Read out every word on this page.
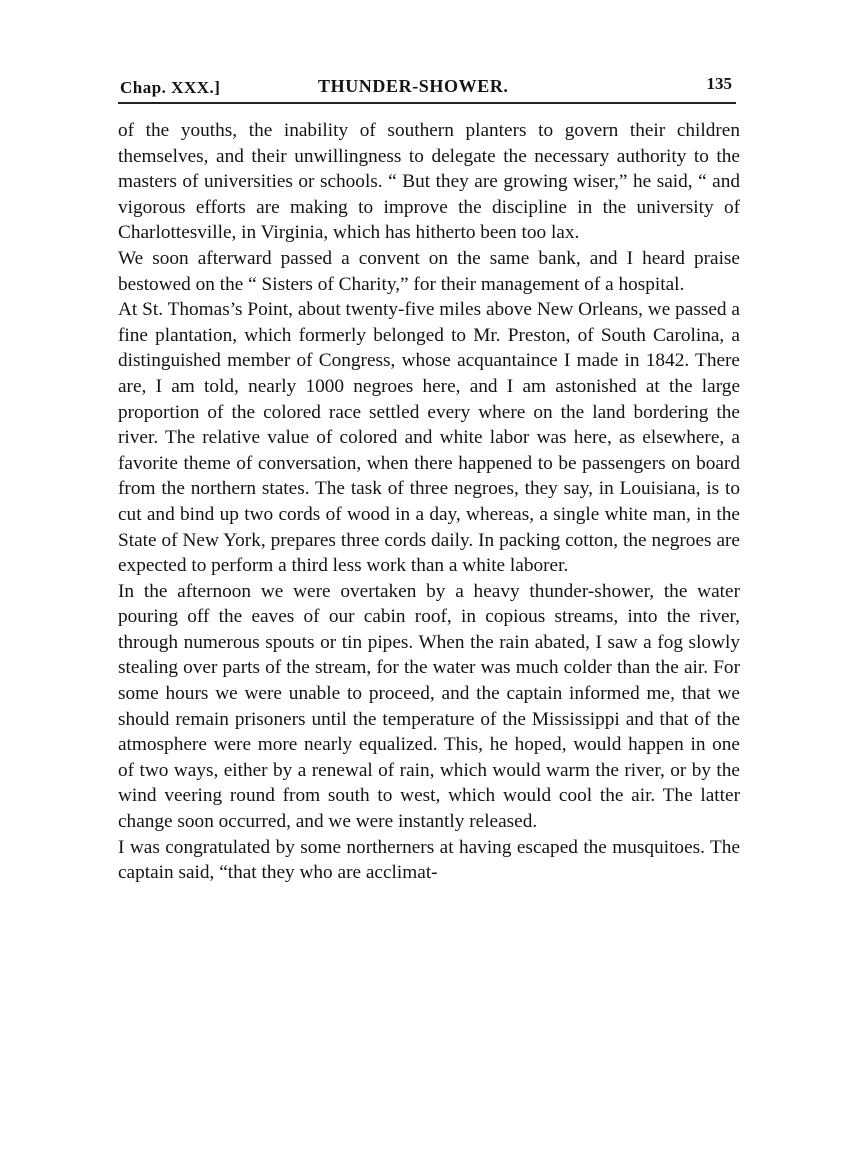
Chap. XXX.]	THUNDER-SHOWER.	135

of the youths, the inability of southern planters to govern their children themselves, and their unwillingness to delegate the necessary authority to the masters of universities or schools. “ But they are growing wiser,” he said, “ and vigorous efforts are making to improve the discipline in the university of Charlottesville, in Virginia, which has hitherto been too lax.

We soon afterward passed a convent on the same bank, and I heard praise bestowed on the “ Sisters of Charity,” for their management of a hospital.

At St. Thomas’s Point, about twenty-five miles above New Orleans, we passed a fine plantation, which formerly belonged to Mr. Preston, of South Carolina, a distinguished member of Congress, whose acquantaince I made in 1842. There are, I am told, nearly 1000 negroes here, and I am astonished at the large proportion of the colored race settled every where on the land bordering the river. The relative value of colored and white labor was here, as elsewhere, a favorite theme of conversation, when there happened to be passengers on board from the northern states. The task of three negroes, they say, in Louisiana, is to cut and bind up two cords of wood in a day, whereas, a single white man, in the State of New York, prepares three cords daily. In packing cotton, the negroes are expected to perform a third less work than a white laborer.

In the afternoon we were overtaken by a heavy thunder-shower, the water pouring off the eaves of our cabin roof, in copious streams, into the river, through numerous spouts or tin pipes. When the rain abated, I saw a fog slowly stealing over parts of the stream, for the water was much colder than the air. For some hours we were unable to proceed, and the captain informed me, that we should remain prisoners until the temperature of the Mississippi and that of the atmosphere were more nearly equalized. This, he hoped, would happen in one of two ways, either by a renewal of rain, which would warm the river, or by the wind veering round from south to west, which would cool the air. The latter change soon occurred, and we were instantly released.

I was congratulated by some northerners at having escaped the musquitoes. The captain said, “that they who are acclimat-
